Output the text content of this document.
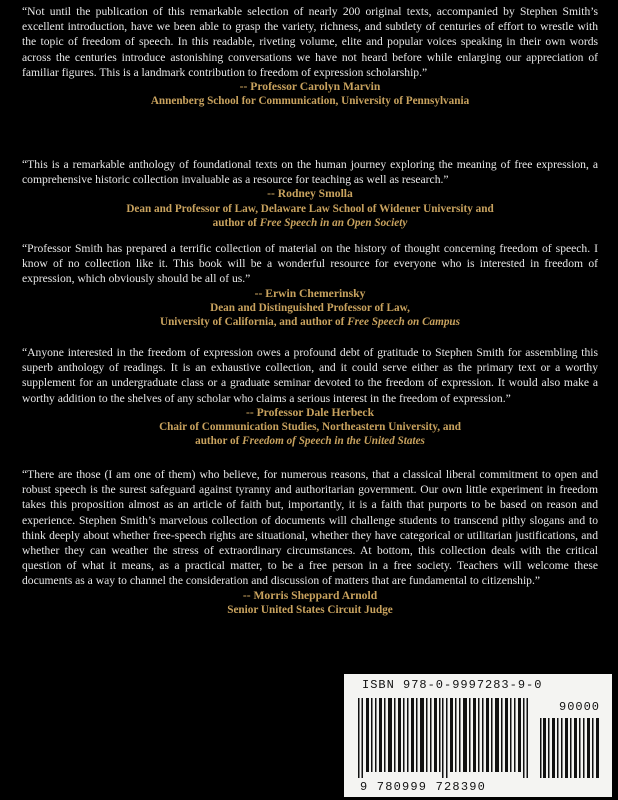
“Not until the publication of this remarkable selection of nearly 200 original texts, accompanied by Stephen Smith’s excellent introduction, have we been able to grasp the variety, richness, and subtlety of centuries of effort to wrestle with the topic of freedom of speech. In this readable, riveting volume, elite and popular voices speaking in their own words across the centuries introduce astonishing conversations we have not heard before while enlarging our appreciation of familiar figures. This is a landmark contribution to freedom of expression scholarship.”

-- Professor Carolyn Marvin
Annenberg School for Communication, University of Pennsylvania

“This is a remarkable anthology of foundational texts on the human journey exploring the meaning of free expression, a comprehensive historic collection invaluable as a resource for teaching as well as research.”

-- Rodney Smolla
Dean and Professor of Law, Delaware Law School of Widener University and
author of Free Speech in an Open Society

“Professor Smith has prepared a terrific collection of material on the history of thought concerning freedom of speech. I know of no collection like it. This book will be a wonderful resource for everyone who is interested in freedom of expression, which obviously should be all of us.”

-- Erwin Chemerinsky
Dean and Distinguished Professor of Law,
University of California, and author of Free Speech on Campus

“Anyone interested in the freedom of expression owes a profound debt of gratitude to Stephen Smith for assembling this superb anthology of readings. It is an exhaustive collection, and it could serve either as the primary text or a worthy supplement for an undergraduate class or a graduate seminar devoted to the freedom of expression. It would also make a worthy addition to the shelves of any scholar who claims a serious interest in the freedom of expression.”

-- Professor Dale Herbeck
Chair of Communication Studies, Northeastern University, and
author of Freedom of Speech in the United States

“There are those (I am one of them) who believe, for numerous reasons, that a classical liberal commitment to open and robust speech is the surest safeguard against tyranny and authoritarian government. Our own little experiment in freedom takes this proposition almost as an article of faith but, importantly, it is a faith that purports to be based on reason and experience. Stephen Smith’s marvelous collection of documents will challenge students to transcend pithy slogans and to think deeply about whether free-speech rights are situational, whether they have categorical or utilitarian justifications, and whether they can weather the stress of extraordinary circumstances. At bottom, this collection deals with the critical question of what it means, as a practical matter, to be a free person in a free society. Teachers will welcome these documents as a way to channel the consideration and discussion of matters that are fundamental to citizenship.”

-- Morris Sheppard Arnold
Senior United States Circuit Judge
ISBN 978-0-9997283-9-0
90000
9 780999 728390
